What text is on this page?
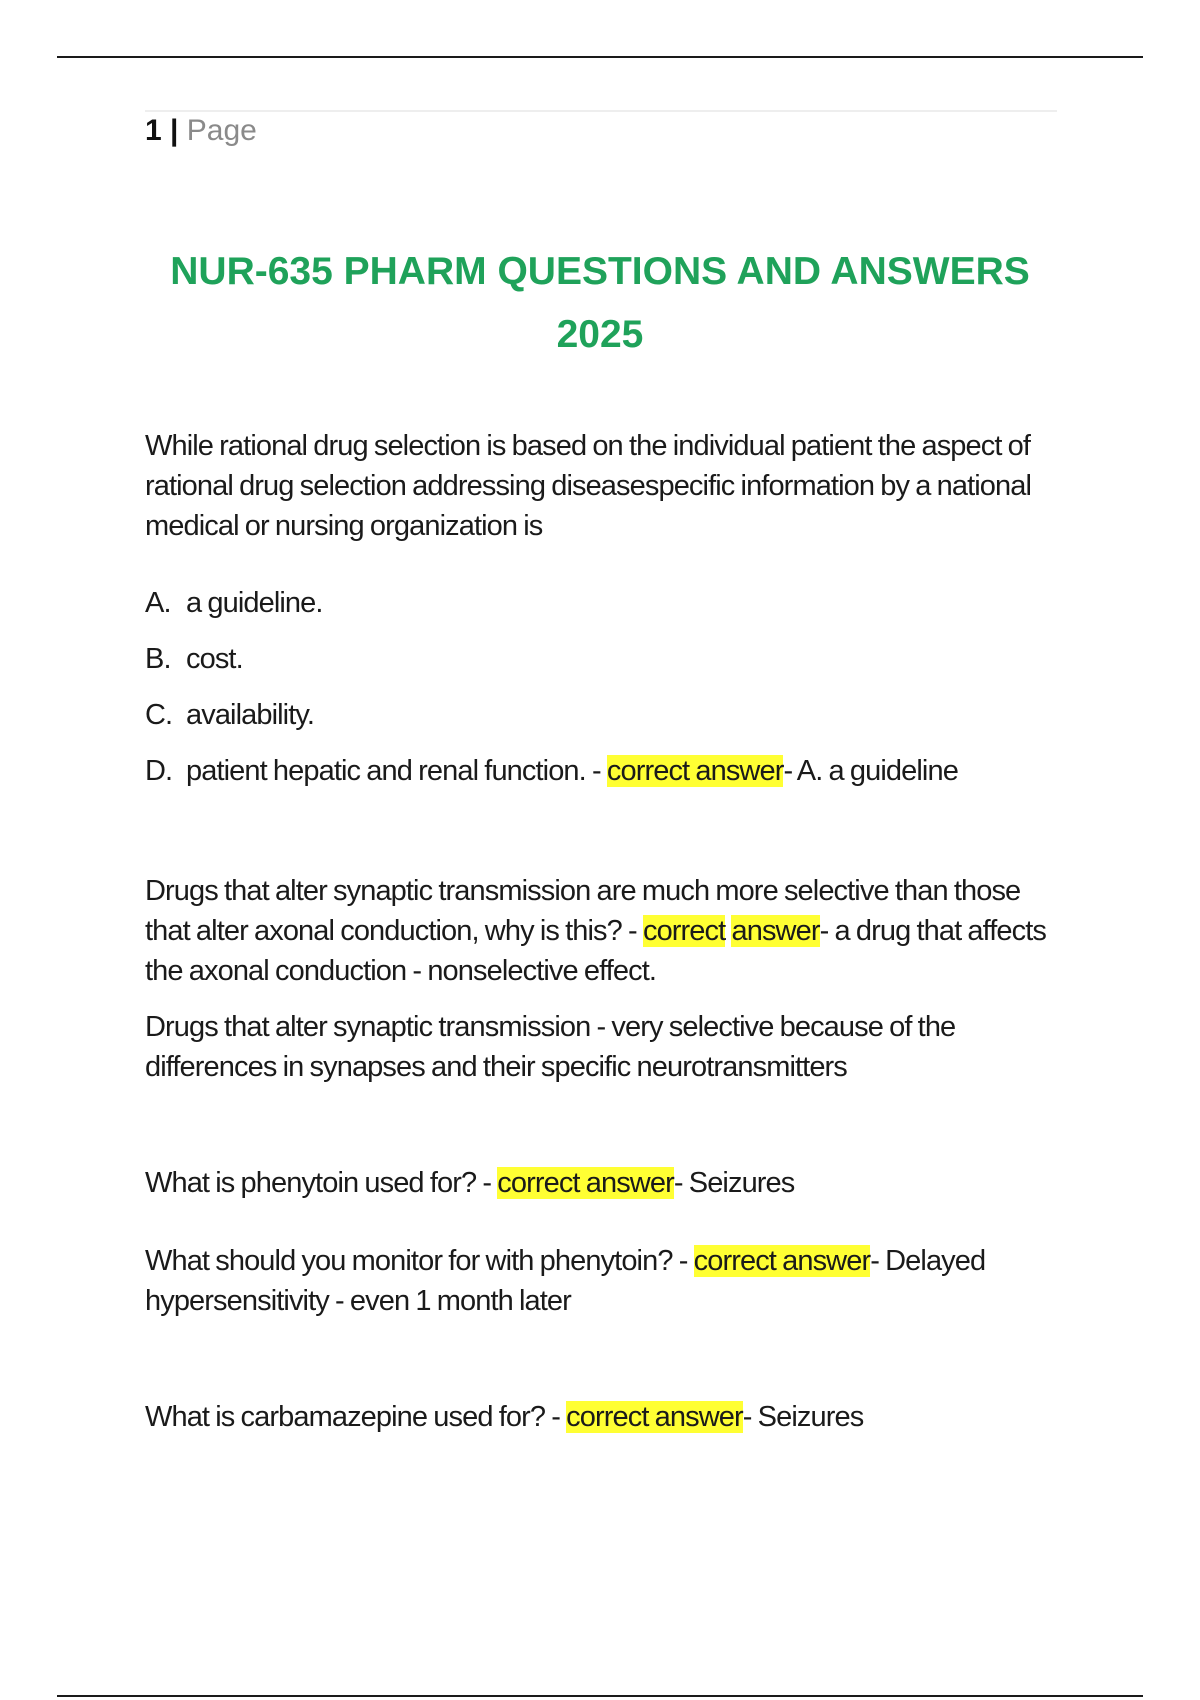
1 | Page
NUR-635 PHARM QUESTIONS AND ANSWERS
2025

While rational drug selection is based on the individual patient the aspect of rational drug selection addressing diseasespecific information by a national medical or nursing organization is

A. a guideline.
B. cost.
C. availability.
D. patient hepatic and renal function. - correct answer- A. a guideline

Drugs that alter synaptic transmission are much more selective than those that alter axonal conduction, why is this? - correct answer- a drug that affects the axonal conduction - nonselective effect.

Drugs that alter synaptic transmission - very selective because of the differences in synapses and their specific neurotransmitters

What is phenytoin used for? - correct answer- Seizures

What should you monitor for with phenytoin? - correct answer- Delayed hypersensitivity - even 1 month later

What is carbamazepine used for? - correct answer- Seizures
